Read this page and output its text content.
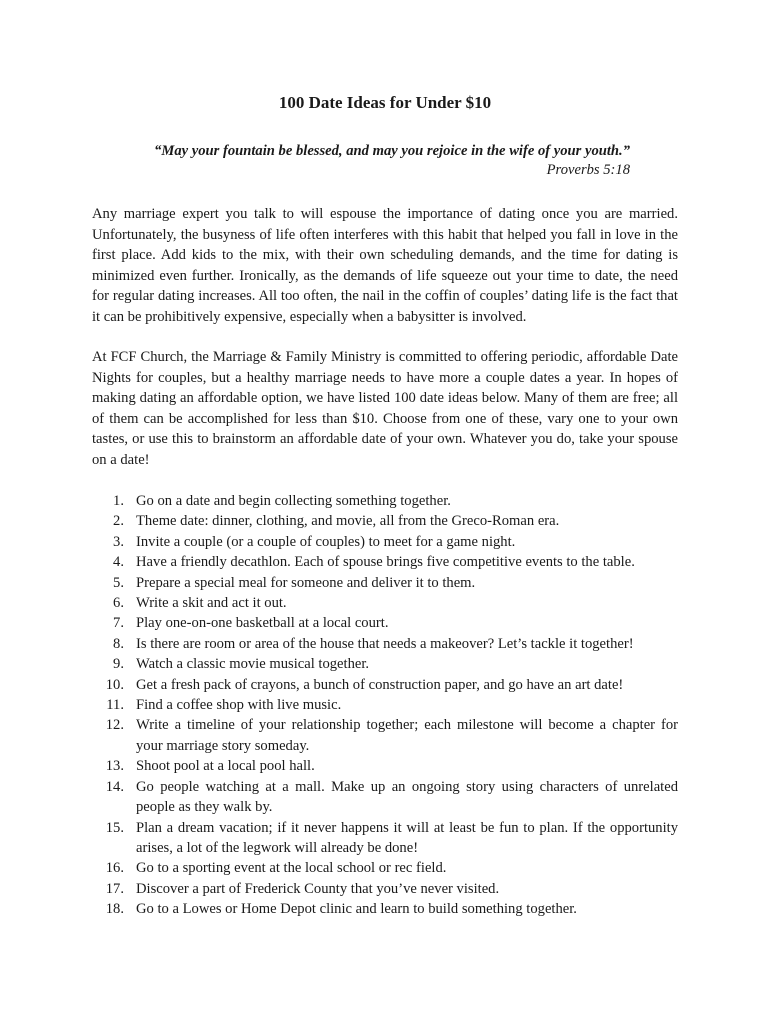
100 Date Ideas for Under $10
“May your fountain be blessed, and may you rejoice in the wife of your youth.”
Proverbs 5:18

Any marriage expert you talk to will espouse the importance of dating once you are married. Unfortunately, the busyness of life often interferes with this habit that helped you fall in love in the first place. Add kids to the mix, with their own scheduling demands, and the time for dating is minimized even further. Ironically, as the demands of life squeeze out your time to date, the need for regular dating increases. All too often, the nail in the coffin of couples’ dating life is the fact that it can be prohibitively expensive, especially when a babysitter is involved.

At FCF Church, the Marriage & Family Ministry is committed to offering periodic, affordable Date Nights for couples, but a healthy marriage needs to have more a couple dates a year. In hopes of making dating an affordable option, we have listed 100 date ideas below. Many of them are free; all of them can be accomplished for less than $10. Choose from one of these, vary one to your own tastes, or use this to brainstorm an affordable date of your own. Whatever you do, take your spouse on a date!

1. Go on a date and begin collecting something together.
2. Theme date: dinner, clothing, and movie, all from the Greco-Roman era.
3. Invite a couple (or a couple of couples) to meet for a game night.
4. Have a friendly decathlon. Each of spouse brings five competitive events to the table.
5. Prepare a special meal for someone and deliver it to them.
6. Write a skit and act it out.
7. Play one-on-one basketball at a local court.
8. Is there are room or area of the house that needs a makeover? Let’s tackle it together!
9. Watch a classic movie musical together.
10. Get a fresh pack of crayons, a bunch of construction paper, and go have an art date!
11. Find a coffee shop with live music.
12. Write a timeline of your relationship together; each milestone will become a chapter for your marriage story someday.
13. Shoot pool at a local pool hall.
14. Go people watching at a mall. Make up an ongoing story using characters of unrelated people as they walk by.
15. Plan a dream vacation; if it never happens it will at least be fun to plan. If the opportunity arises, a lot of the legwork will already be done!
16. Go to a sporting event at the local school or rec field.
17. Discover a part of Frederick County that you’ve never visited.
18. Go to a Lowes or Home Depot clinic and learn to build something together.
